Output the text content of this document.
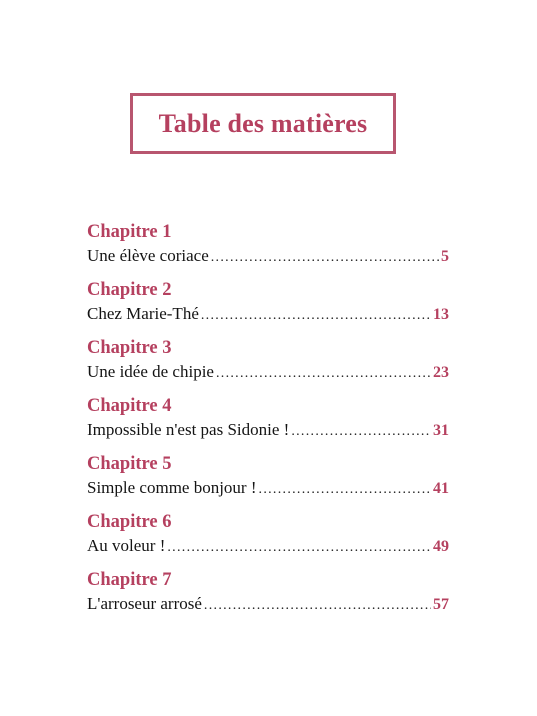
Table des matières
Chapitre 1
Une élève coriace .....	5
Chapitre 2
Chez Marie-Thé .....	13
Chapitre 3
Une idée de chipie .....	23
Chapitre 4
Impossible n'est pas Sidonie ! .....	31
Chapitre 5
Simple comme bonjour ! .....	41
Chapitre 6
Au voleur ! .....	49
Chapitre 7
L'arroseur arrosé .....	57
